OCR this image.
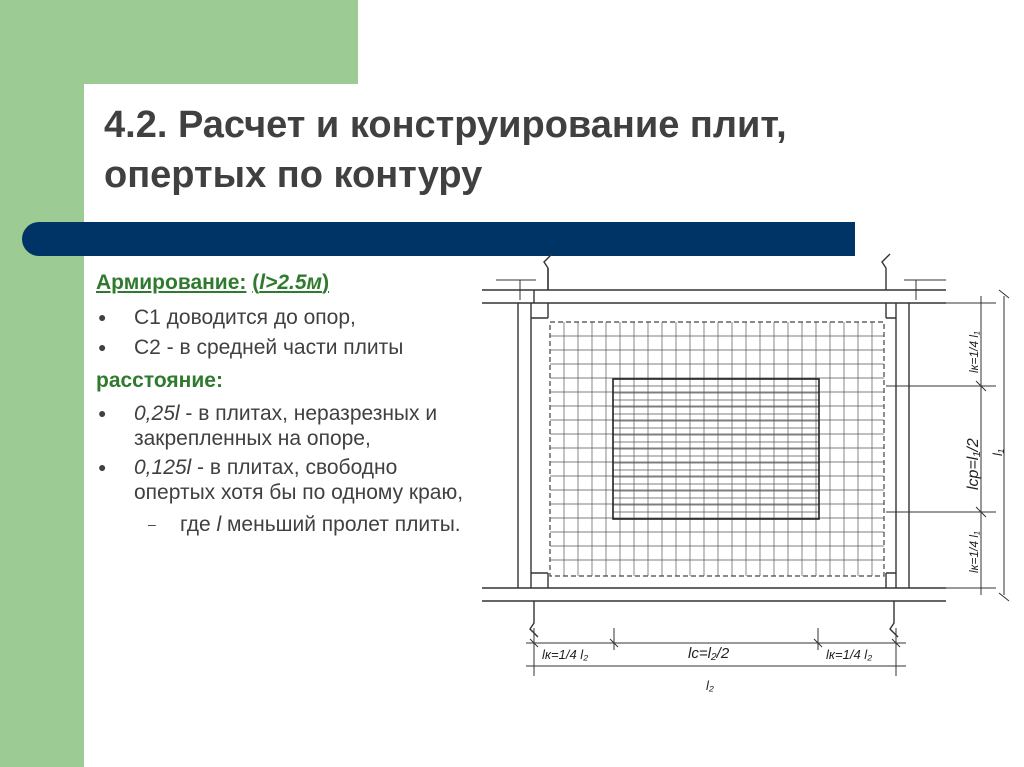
4.2. Расчет и конструирование плит,
опертых по контуру
Армирование: (l>2.5м)
●	С1 доводится до опор,
●	С2 - в средней части плиты
расстояние:
●	0,25l - в плитах, неразрезных и закрепленных на опоре,
●	0,125l - в плитах, свободно опертых хотя бы по одному краю,
–	где l меньший пролет плиты.
lк=1/4 l₁
lср=l₁/2
lк=1/4 l₁
l₁
lк=1/4 l₂	lс=l₂/2	lк=1/4 l₂
l₂
